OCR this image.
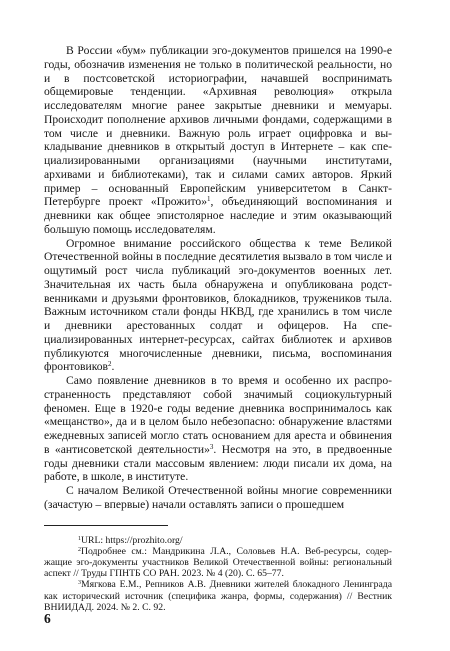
В России «бум» публикации эго-документов пришелся на 1990-е годы, обозначив изменения не только в политической реальности, но и в постсоветской историографии, начавшей воспринимать общемировые тенденции. «Архивная революция» открыла исследователям многие ранее закрытые дневники и мемуары. Происходит пополнение архивов личными фондами, содержащими в том числе и дневники. Важную роль играет оцифровка и выкладывание дневников в открытый доступ в Интернете – как специализированными организациями (научными институтами, архивами и библиотеками), так и силами самих авторов. Яркий пример – основанный Европейским университетом в Санкт-Петербурге проект «Прожито»$^1$, объединяющий воспоминания и дневники как общее эпистолярное наследие и этим оказывающий большую помощь исследователям.

Огромное внимание российского общества к теме Великой Отечественной войны в последние десятилетия вызвало в том числе и ощутимый рост числа публикаций эго-документов военных лет. Значительная их часть была обнаружена и опубликована родственниками и друзьями фронтовиков, блокадников, тружеников тыла. Важным источником стали фонды НКВД, где хранились в том числе и дневники арестованных солдат и офицеров. На специализированных интернет-ресурсах, сайтах библиотек и архивов публикуются многочисленные дневники, письма, воспоминания фронтовиков$^2$.

Само появление дневников в то время и особенно их распространенность представляют собой значимый социокультурный феномен. Еще в 1920-е годы ведение дневника воспринималось как «мещанство», да и в целом было небезопасно: обнаружение властями ежедневных записей могло стать основанием для ареста и обвинения в «антисоветской деятельности»$^3$. Несмотря на это, в предвоенные годы дневники стали массовым явлением: люди писали их дома, на работе, в школе, в институте.

С началом Великой Отечественной войны многие современники (зачастую – впервые) начали оставлять записи о прошедшем

$^1$URL: https://prozhito.org/

$^2$Подробнее см.: Мандрикина Л.А., Соловьев Н.А. Веб-ресурсы, содержащие эго-документы участников Великой Отечественной войны: региональный аспект // Труды ГПНТБ СО РАН. 2023. № 4 (20). С. 65–77.

$^3$Мягкова Е.М., Репников А.В. Дневники жителей блокадного Ленинграда как исторический источник (специфика жанра, формы, содержания) // Вестник ВНИИДАД. 2024. № 2. С. 92.

6
